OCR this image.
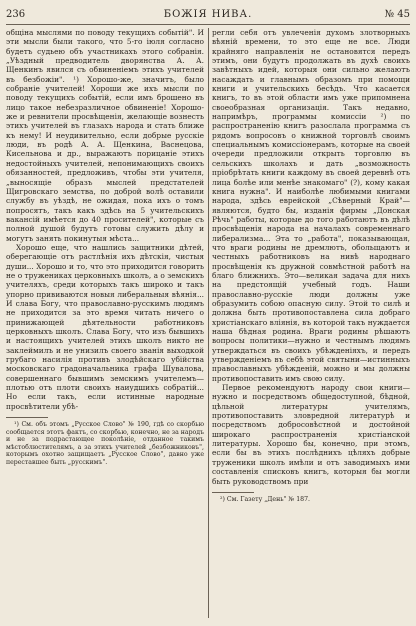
236	БОЖІЯ НИВА.	№ 45

общіна мыслями по поводу текущихъ событій". И эти мысли были такого, что 5-го іюля согласно будетъ судьею объ участникахъ этого собранія. „Уѣздный предводитель дворянства А. А. Щенкинъ явился съ обвиненіемъ этихъ учителей въ безбожіи". ¹) Хорошо-же, значитъ, было собраніе учителей! Хороши же ихъ мысли по поводу текущихъ событій, если имъ брошено въ лицо такое небезразличное обвиненіе! Хорошо-же и ревнители просвѣщенія, желающіе вознесть этихъ учителей въ глазахъ народа и стать ближе къ нему! И неудивительно, если добрые русскіе люди, въ родѣ А. А. Щенкина, Васнецова, Кисельнова и др., выражаютъ порицаніе этихъ недостойныхъ учителей, непонимающихъ своихъ обязанностей, предложивъ, чтобы эти учителя, „выносящіе образъ мыслей предстателей Щигровскаго земства, по доброй волѣ оставили службу въ уѣздѣ, не ожидая, пока ихъ о томъ попросятъ, такъ какъ здѣсь на 5 учительскихъ вакансій имѣется до 40 просителей", которые съ полной душой будутъ готовы служить дѣлу и могутъ занять покинутыя мѣста...

Хорошо еще, что нашлись защитники дѣтей, оберегающіе отъ растлѣнія ихъ дѣтскія, чистыя души... Хорошо и то, что это приходится говорить не о тружениках церковныхъ школъ, а о земскихъ учителяхъ, среди которыхъ такъ широко и такъ упорно прививаются новыя либеральныя вѣянія... И слава Богу, что православно-русскимъ людямъ не приходится за это время читать ничего о принижающей дѣятельности работниковъ церковныхъ школъ. Слава Богу, что изъ бывшихъ и настоящихъ учителей этихъ школъ никто не заклеймилъ и не унизилъ своего званія выходкой грубаго насилія противъ злодѣйскаго убійства московскаго градоначальника графа Шувалова, совершеннаго бывшимъ земскимъ учителемъ—плотью отъ плоти своихъ наиудшихъ собратій... Но если такъ, если истинные народные просвѣтители убѣ-

¹) См. объ этомъ „Русское Слово" № 190, гдѣ со скорбью сообщается этотъ фактъ, со скорбью, конечно, не за народъ и не за подрастающее поколѣніе, отданное такимъ мѣстоблюстителямъ, а за этихъ учителей „безбожниковъ", которымъ охотно защищаетъ „Русское Слово", давно уже переставшее быть „русскимъ".

регли себя отъ увлеченія духомъ злотворныхъ вѣяній времени, то это еще не все. Люди крайняго направленія не остановятся передъ этимъ, они будутъ продолжать въ духѣ своихъ завѣтныхъ идей, которыя они сильно желаютъ насаждать и главнымъ образомъ при помощи книги и учительскихъ бесѣдъ. Что касается книгъ, то въ этой области имъ уже припомнена своеобразная организація. Такъ недавно, напримѣръ, программы комиссіи ²) по распространенію книгъ разослала программа съ рядомъ вопросовъ о книжной торговлѣ своимъ специальнымъ комиссіонерамъ, которые на своей очереди предложили открыть торговлю въ сельскихъ школахъ и дать „возможность пріобрѣтать книги каждому въ своей деревнѣ отъ лица болѣе или менѣе знакомаго" (?), кому какая книга нужна". И наиболѣе любимыми книгами народа, здѣсь еврейской „Сѣверный Край"—являются, будто бы, изданія фирмы „Донская Рѣчь" работы, которые до того работаютъ въ дѣлѣ просвѣщенія народа на началахъ современнаго либерализма... Эта то „работа", показывающая, что враги родины не дремлютъ, обольщаютъ и честныхъ работниковъ на нивѣ народнаго просвѣщенія къ дружной совмѣстной работѣ на благо ближнихъ. Это—великая задача для нихъ на предстоящій учебный годъ. Наши православно-русскіе люди должны уже образумить собою опасную силу. Этой то силѣ и должна быть противопоставлена сила добраго христіанскаго вліянія, въ которой такъ нуждается наша бѣдная родина. Враги родины рѣшаютъ вопросы политики—нужно и честнымъ людямъ утверждаться въ своихъ убѣжденіяхъ, и передъ утвержденіемъ въ себѣ этой святыни—истинныхъ православныхъ убѣжденій, можно и мы должны противопоставить имъ свою силу.

Первое рекомендуютъ народу свои книги—нужно и посредствомъ общедоступной, бѣдной, цѣльной литературы учителямъ, противопоставить зловредной литературѣ и посредствомъ добросовѣстной и достойной широкаго распространенія христіанской литературы. Хорошо бы, конечно, при этомъ, если бы въ этихъ послѣднихъ цѣляхъ добрые труженики школъ имѣли и отъ заводимыхъ ими составленія списковъ книгъ, которыя бы могли быть руководствомъ при

²) См. Газету „День" № 187.
